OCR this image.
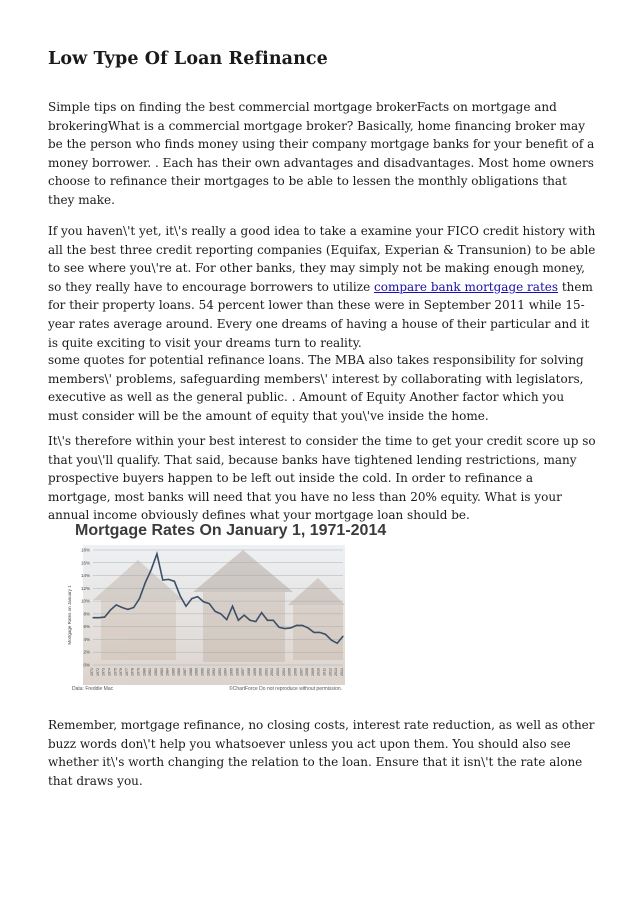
Low Type Of Loan Refinance

Simple tips on finding the best commercial mortgage brokerFacts on mortgage and brokeringWhat is a commercial mortgage broker? Basically, home financing broker may be the person who finds money using their company mortgage banks for your benefit of a money borrower. . Each has their own advantages and disadvantages. Most home owners choose to refinance their mortgages to be able to lessen the monthly obligations that they make.

If you haven\'t yet, it\'s really a good idea to take a examine your FICO credit history with all the best three credit reporting companies (Equifax, Experian & Transunion) to be able to see where you\'re at. For other banks, they may simply not be making enough money, so they really have to encourage borrowers to utilize compare bank mortgage rates them for their property loans. 54 percent lower than these were in September 2011 while 15-year rates average around. Every one dreams of having a house of their particular and it is quite exciting to visit your dreams turn to reality.

some quotes for potential refinance loans. The MBA also takes responsibility for solving members\' problems, safeguarding members\' interest by collaborating with legislators, executive as well as the general public. . Amount of Equity Another factor which you must consider will be the amount of equity that you\'ve inside the home.

It\'s therefore within your best interest to consider the time to get your credit score up so that you\'ll qualify. That said, because banks have tightened lending restrictions, many prospective buyers happen to be left out inside the cold. In order to refinance a mortgage, most banks will need that you have no less than 20% equity. What is your annual income obviously defines what your mortgage loan should be.

Mortgage Rates On January 1, 1971-2014
0%
2%
4%
6%
8%
10%
12%
14%
16%
18%
1971 1972 1973 1974 1975 1976 1977 1978 1979 1980 1981 1982 1983 1984 1985 1986 1987 1988 1989 1990 1991 1992 1993 1994 1995 1996 1997 1998 1999 2000 2001 2002 2003 2004 2005 2006 2007 2008 2009 2010 2011 2012 2013 2014
Mortgage Rates on January 1
Data: Freddie Mac	©ChartForce Do not reproduce without permission.

Remember, mortgage refinance, no closing costs, interest rate reduction, as well as other buzz words don\'t help you whatsoever unless you act upon them. You should also see whether it\'s worth changing the relation to the loan. Ensure that it isn\'t the rate alone that draws you.
